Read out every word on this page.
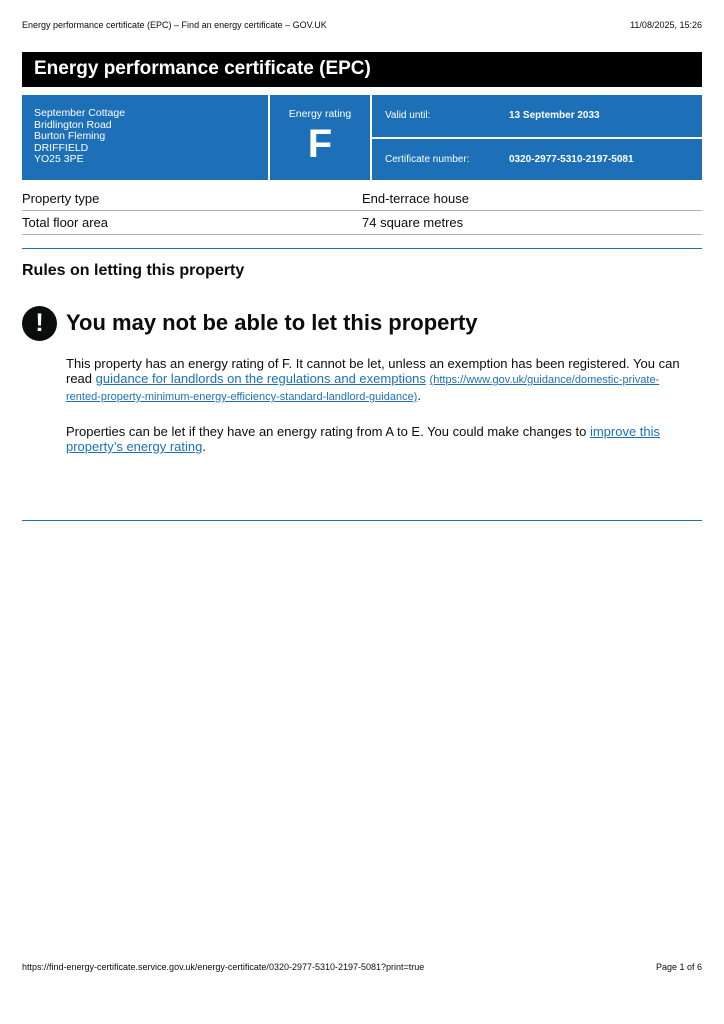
Energy performance certificate (EPC) – Find an energy certificate – GOV.UK	11/08/2025, 15:26
Energy performance certificate (EPC)
September Cottage
Bridlington Road
Burton Fleming
DRIFFIELD
YO25 3PE
Energy rating
F
Valid until:	13 September 2033
Certificate number:	0320-2977-5310-2197-5081
Property type	End-terrace house
Total floor area	74 square metres
Rules on letting this property
!	You may not be able to let this property

This property has an energy rating of F. It cannot be let, unless an exemption has been registered. You can read guidance for landlords on the regulations and exemptions (https://www.gov.uk/guidance/domestic-private-rented-property-minimum-energy-efficiency-standard-landlord-guidance).

Properties can be let if they have an energy rating from A to E. You could make changes to improve this property’s energy rating.

https://find-energy-certificate.service.gov.uk/energy-certificate/0320-2977-5310-2197-5081?print=true	Page 1 of 6
